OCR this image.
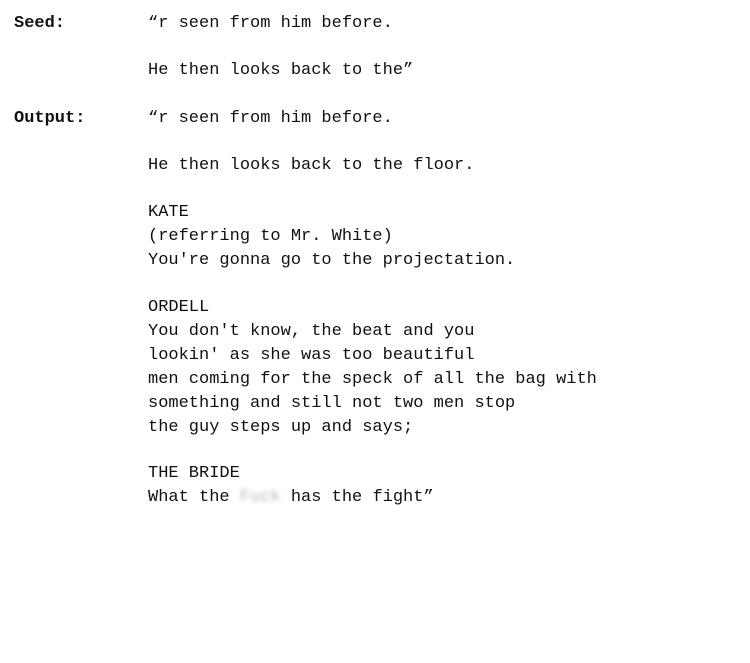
Seed:	“r seen from him before.
He then looks back to the”
Output:	“r seen from him before.
He then looks back to the floor.
KATE
(referring to Mr. White)
You're gonna go to the projectation.
ORDELL
You don't know, the beat and you
lookin' as she was too beautiful
men coming for the speck of all the bag with
something and still not two men stop
the guy steps up and says;
THE BRIDE
What the Fuck has the fight”
